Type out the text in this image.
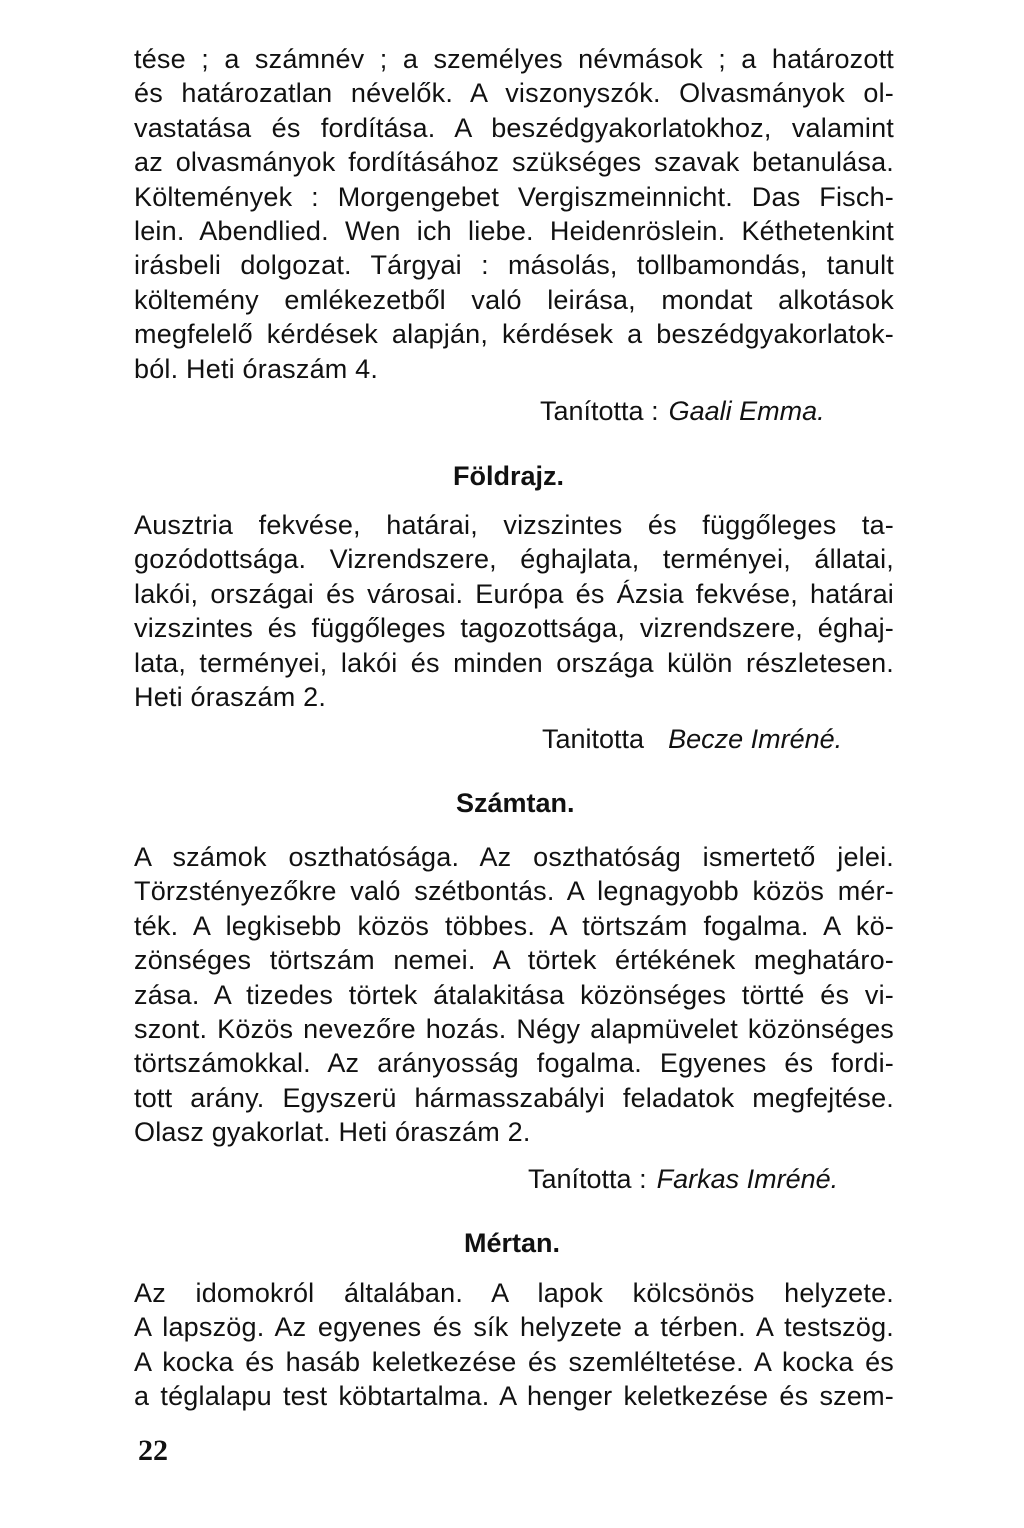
tése ; a számnév ; a személyes névmások ; a határozott
és határozatlan névelők. A viszonyszók. Olvasmányok ol-
vastatása és fordítása. A beszédgyakorlatokhoz, valamint
az olvasmányok fordításához szükséges szavak betanulása.
Költemények : Morgengebet Vergiszmeinnicht. Das Fisch-
lein. Abendlied. Wen ich liebe. Heidenröslein. Kéthetenkint
irásbeli dolgozat. Tárgyai : másolás, tollbamondás, tanult
költemény emlékezetből való leirása, mondat alkotások
megfelelő kérdések alapján, kérdések a beszédgyakorlatok-
ból. Heti óraszám 4.
Tanította : Gaali Emma.
Földrajz.
Ausztria fekvése, határai, vizszintes és függőleges ta-
gozódottsága. Vizrendszere, éghajlata, terményei, állatai,
lakói, országai és városai. Európa és Ázsia fekvése, határai
vizszintes és függőleges tagozottsága, vizrendszere, éghaj-
lata, terményei, lakói és minden országa külön részletesen.
Heti óraszám 2.
Tanitotta Becze Imréné.
Számtan.
A számok oszthatósága. Az oszthatóság ismertető jelei.
Törzstényezőkre való szétbontás. A legnagyobb közös mér-
ték. A legkisebb közös többes. A törtszám fogalma. A kö-
zönséges törtszám nemei. A törtek értékének meghatáro-
zása. A tizedes törtek átalakitása közönséges törtté és vi-
szont. Közös nevezőre hozás. Négy alapmüvelet közönséges
törtszámokkal. Az arányosság fogalma. Egyenes és fordi-
tott arány. Egyszerü hármasszabályi feladatok megfejtése.
Olasz gyakorlat. Heti óraszám 2.
Tanította : Farkas Imréné.
Mértan.
Az idomokról általában. A lapok kölcsönös helyzete.
A lapszög. Az egyenes és sík helyzete a térben. A testszög.
A kocka és hasáb keletkezése és szemléltetése. A kocka és
a téglalapu test köbtartalma. A henger keletkezése és szem-
22
